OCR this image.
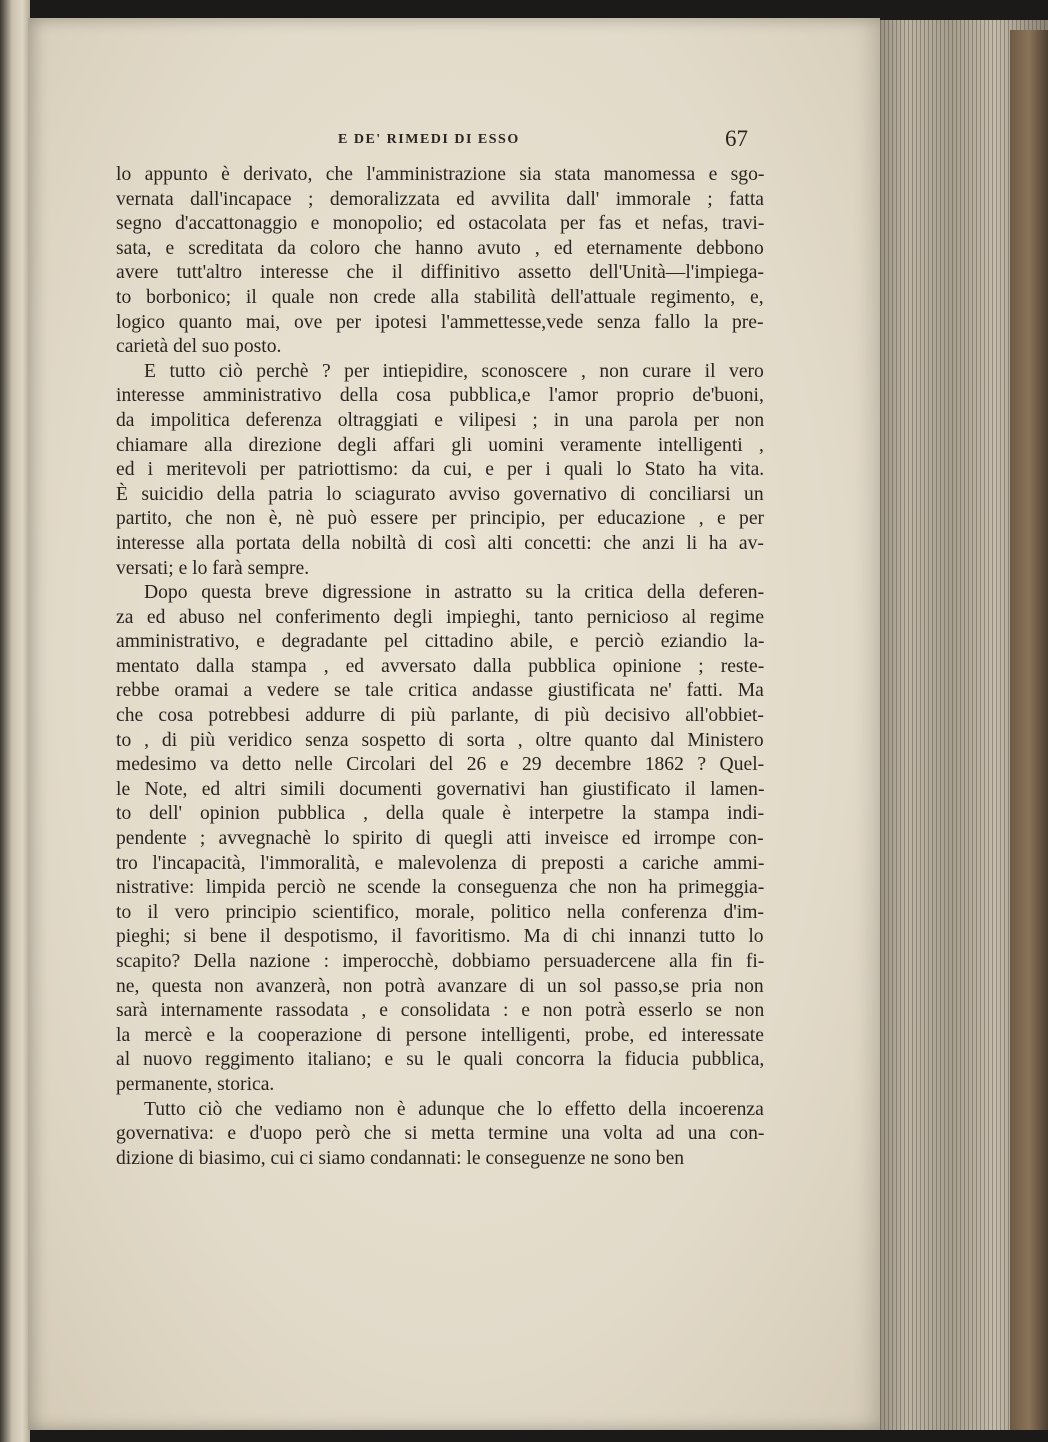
E DE' RIMEDI DI ESSO	67
lo appunto è derivato, che l'amministrazione sia stata manomessa e sgo-
vernata dall'incapace ; demoralizzata ed avvilita dall' immorale ; fatta
segno d'accattonaggio e monopolio; ed ostacolata per fas et nefas, travi-
sata, e screditata da coloro che hanno avuto , ed eternamente debbono
avere tutt'altro interesse che il diffinitivo assetto dell'Unità—l'impiega-
to borbonico; il quale non crede alla stabilità dell'attuale regimento, e,
logico quanto mai, ove per ipotesi l'ammettesse,vede senza fallo la pre-
carietà del suo posto.
E tutto ciò perchè ? per intiepidire, sconoscere , non curare il vero
interesse amministrativo della cosa pubblica,e l'amor proprio de'buoni,
da impolitica deferenza oltraggiati e vilipesi ; in una parola per non
chiamare alla direzione degli affari gli uomini veramente intelligenti ,
ed i meritevoli per patriottismo: da cui, e per i quali lo Stato ha vita.
È suicidio della patria lo sciagurato avviso governativo di conciliarsi un
partito, che non è, nè può essere per principio, per educazione , e per
interesse alla portata della nobiltà di così alti concetti: che anzi li ha av-
versati; e lo farà sempre.
Dopo questa breve digressione in astratto su la critica della deferen-
za ed abuso nel conferimento degli impieghi, tanto pernicioso al regime
amministrativo, e degradante pel cittadino abile, e perciò eziandio la-
mentato dalla stampa , ed avversato dalla pubblica opinione ; reste-
rebbe oramai a vedere se tale critica andasse giustificata ne' fatti. Ma
che cosa potrebbesi addurre di più parlante, di più decisivo all'obbiet-
to , di più veridico senza sospetto di sorta , oltre quanto dal Ministero
medesimo va detto nelle Circolari del 26 e 29 decembre 1862 ? Quel-
le Note, ed altri simili documenti governativi han giustificato il lamen-
to dell' opinion pubblica , della quale è interpetre la stampa indi-
pendente ; avvegnachè lo spirito di quegli atti inveisce ed irrompe con-
tro l'incapacità, l'immoralità, e malevolenza di preposti a cariche ammi-
nistrative: limpida perciò ne scende la conseguenza che non ha primeggia-
to il vero principio scientifico, morale, politico nella conferenza d'im-
pieghi; si bene il despotismo, il favoritismo. Ma di chi innanzi tutto lo
scapito? Della nazione : imperocchè, dobbiamo persuadercene alla fin fi-
ne, questa non avanzerà, non potrà avanzare di un sol passo,se pria non
sarà internamente rassodata , e consolidata : e non potrà esserlo se non
la mercè e la cooperazione di persone intelligenti, probe, ed interessate
al nuovo reggimento italiano; e su le quali concorra la fiducia pubblica,
permanente, storica.
Tutto ciò che vediamo non è adunque che lo effetto della incoerenza
governativa: e d'uopo però che si metta termine una volta ad una con-
dizione di biasimo, cui ci siamo condannati: le conseguenze ne sono ben
